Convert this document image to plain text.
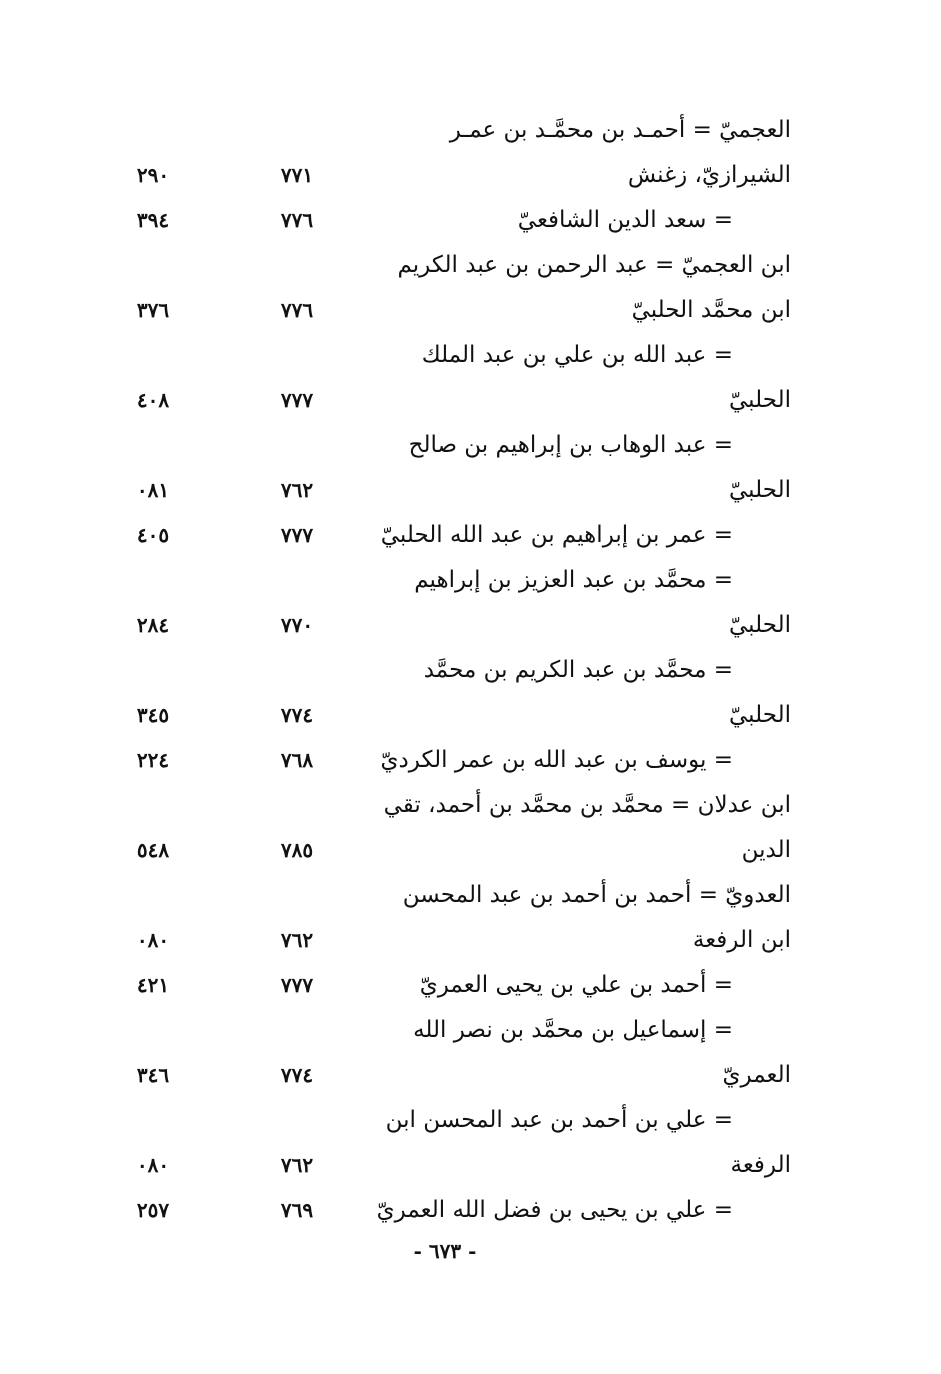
العجميّ = أحمـد بن محمَّـد بن عمـر
الشيرازيّ، زغنش
٧٧١
٢٩٠
= سعد الدين الشافعيّ
٧٧٦
٣٩٤
ابن العجميّ = عبد الرحمن بن عبد الكريم
ابن محمَّد الحلبيّ
٧٧٦
٣٧٦
= عبد الله بن علي بن عبد الملك
الحلبيّ
٧٧٧
٤٠٨
= عبد الوهاب بن إبراهيم بن صالح
الحلبيّ
٧٦٢
٠٨١
= عمر بن إبراهيم بن عبد الله الحلبيّ
٧٧٧
٤٠٥
= محمَّد بن عبد العزيز بن إبراهيم
الحلبيّ
٧٧٠
٢٨٤
= محمَّد بن عبد الكريم بن محمَّد
الحلبيّ
٧٧٤
٣٤٥
= يوسف بن عبد الله بن عمر الكرديّ
٧٦٨
٢٢٤
ابن عدلان = محمَّد بن محمَّد بن أحمد، تقي
الدين
٧٨٥
٥٤٨
العدويّ = أحمد بن أحمد بن عبد المحسن
ابن الرفعة
٧٦٢
٠٨٠
= أحمد بن علي بن يحيى العمريّ
٧٧٧
٤٢١
= إسماعيل بن محمَّد بن نصر الله
العمريّ
٧٧٤
٣٤٦
= علي بن أحمد بن عبد المحسن ابن
الرفعة
٧٦٢
٠٨٠
= علي بن يحيى بن فضل الله العمريّ
٧٦٩
٢٥٧
- ٦٧٣ -
